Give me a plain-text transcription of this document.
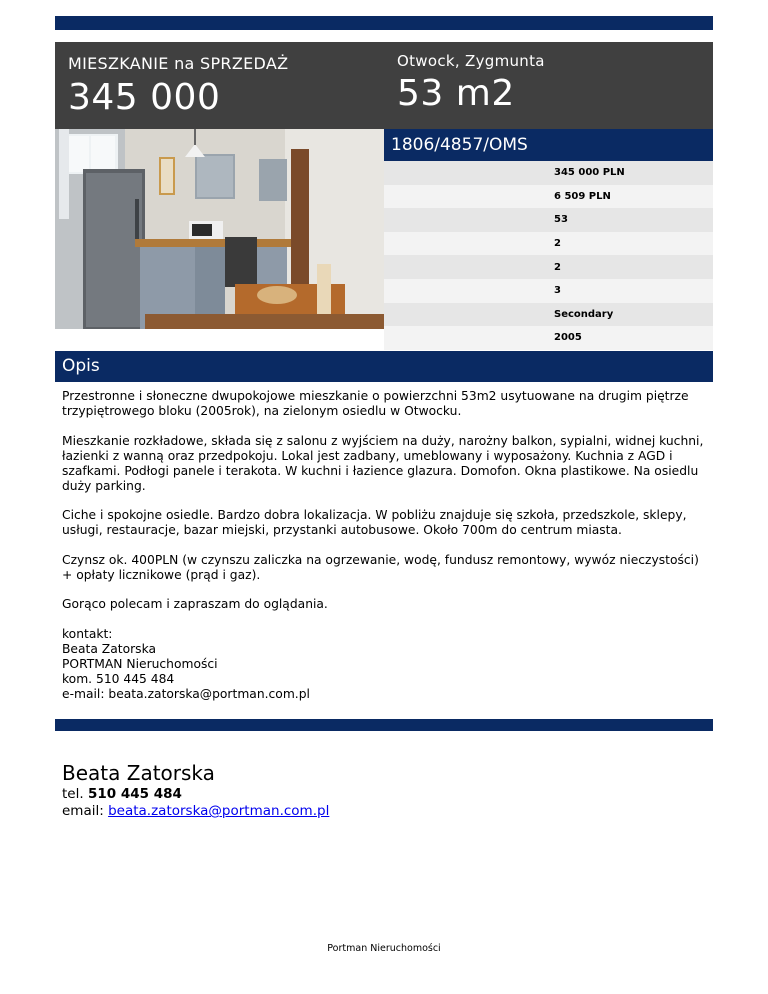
MIESZKANIE na SPRZEDAŻ
345 000
Otwock, Zygmunta
53 m2
1806/4857/OMS
345 000 PLN
6 509 PLN
53
2
2
3
Secondary
2005
Opis

Przestronne i słoneczne dwupokojowe mieszkanie o powierzchni 53m2 usytuowane na drugim piętrze trzypiętrowego bloku (2005rok), na zielonym osiedlu w Otwocku.

Mieszkanie rozkładowe, składa się z salonu z wyjściem na duży, narożny balkon, sypialni, widnej kuchni, łazienki z wanną oraz przedpokoju. Lokal jest zadbany, umeblowany i wyposażony. Kuchnia z AGD i szafkami. Podłogi panele i terakota. W kuchni i łazience glazura. Domofon. Okna plastikowe. Na osiedlu duży parking.

Ciche i spokojne osiedle. Bardzo dobra lokalizacja. W pobliżu znajduje się szkoła, przedszkole, sklepy, usługi, restauracje, bazar miejski, przystanki autobusowe. Około 700m do centrum miasta.

Czynsz ok. 400PLN (w czynszu zaliczka na ogrzewanie, wodę, fundusz remontowy, wywóz nieczystości) + opłaty licznikowe (prąd i gaz).

Gorąco polecam i zapraszam do oglądania.

kontakt:
Beata Zatorska
PORTMAN Nieruchomości
kom. 510 445 484
e-mail: beata.zatorska@portman.com.pl
Beata Zatorska
tel. 510 445 484
email: beata.zatorska@portman.com.pl
Portman Nieruchomości
